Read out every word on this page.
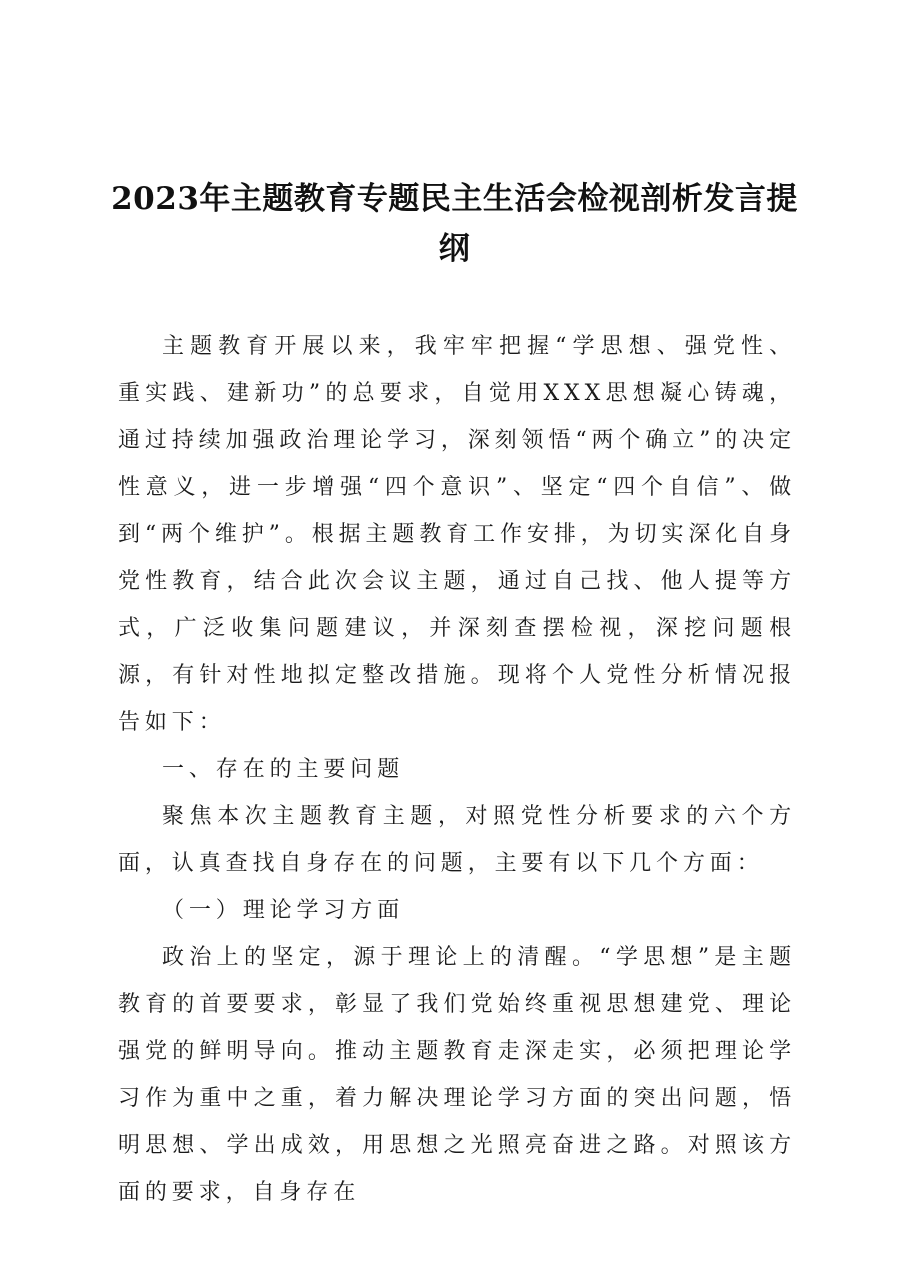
2023年主题教育专题民主生活会检视剖析发言提纲

主题教育开展以来，我牢牢把握“学思想、强党性、重实践、建新功”的总要求，自觉用XXX思想凝心铸魂，通过持续加强政治理论学习，深刻领悟“两个确立”的决定性意义，进一步增强“四个意识”、坚定“四个自信”、做到“两个维护”。根据主题教育工作安排，为切实深化自身党性教育，结合此次会议主题，通过自己找、他人提等方式，广泛收集问题建议，并深刻查摆检视，深挖问题根源，有针对性地拟定整改措施。现将个人党性分析情况报告如下：

一、存在的主要问题

聚焦本次主题教育主题，对照党性分析要求的六个方面，认真查找自身存在的问题，主要有以下几个方面：

（一）理论学习方面

政治上的坚定，源于理论上的清醒。“学思想”是主题教育的首要要求，彰显了我们党始终重视思想建党、理论强党的鲜明导向。推动主题教育走深走实，必须把理论学习作为重中之重，着力解决理论学习方面的突出问题，悟明思想、学出成效，用思想之光照亮奋进之路。对照该方面的要求，自身存在
